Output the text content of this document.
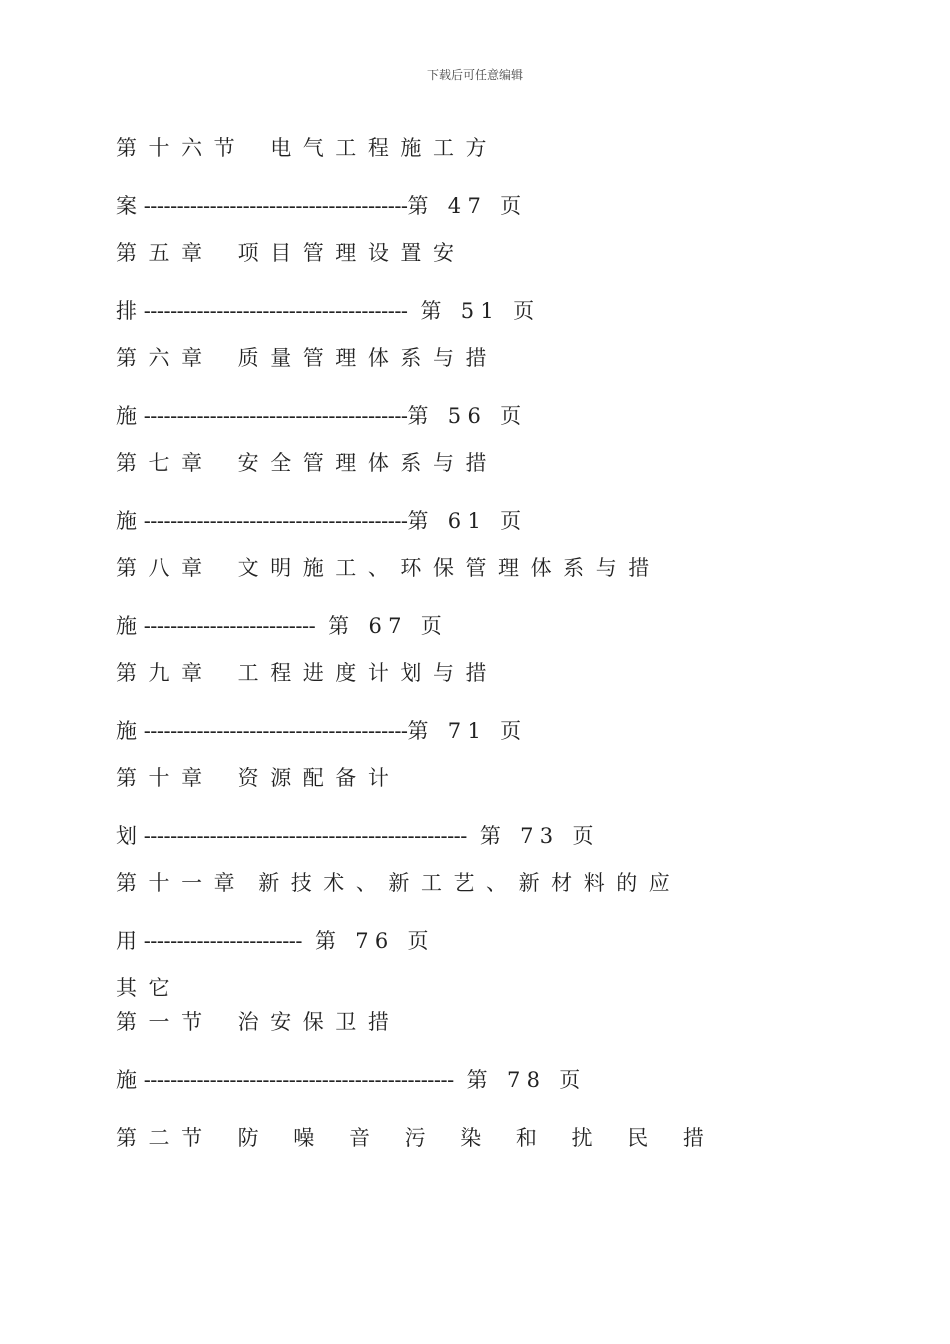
下载后可任意编辑
第十六节 电气工程施工方
案 ----------------------------------------第 47 页
第五章 项目管理设置安
排 ---------------------------------------- 第 51 页
第六章 质量管理体系与措
施 ----------------------------------------第 56 页
第七章 安全管理体系与措
施 ----------------------------------------第 61 页
第八章 文明施工、环保管理体系与措
施 -------------------------- 第 67 页
第九章 工程进度计划与措
施 ----------------------------------------第 71 页
第十章 资源配备计
划 ------------------------------------------------- 第 73 页
第十一章 新技术、新工艺、新材料的应
用 ------------------------ 第 76 页
其它
第一节 治安保卫措
施 ----------------------------------------------- 第 78 页
第二节 防噪音污染和扰民措
